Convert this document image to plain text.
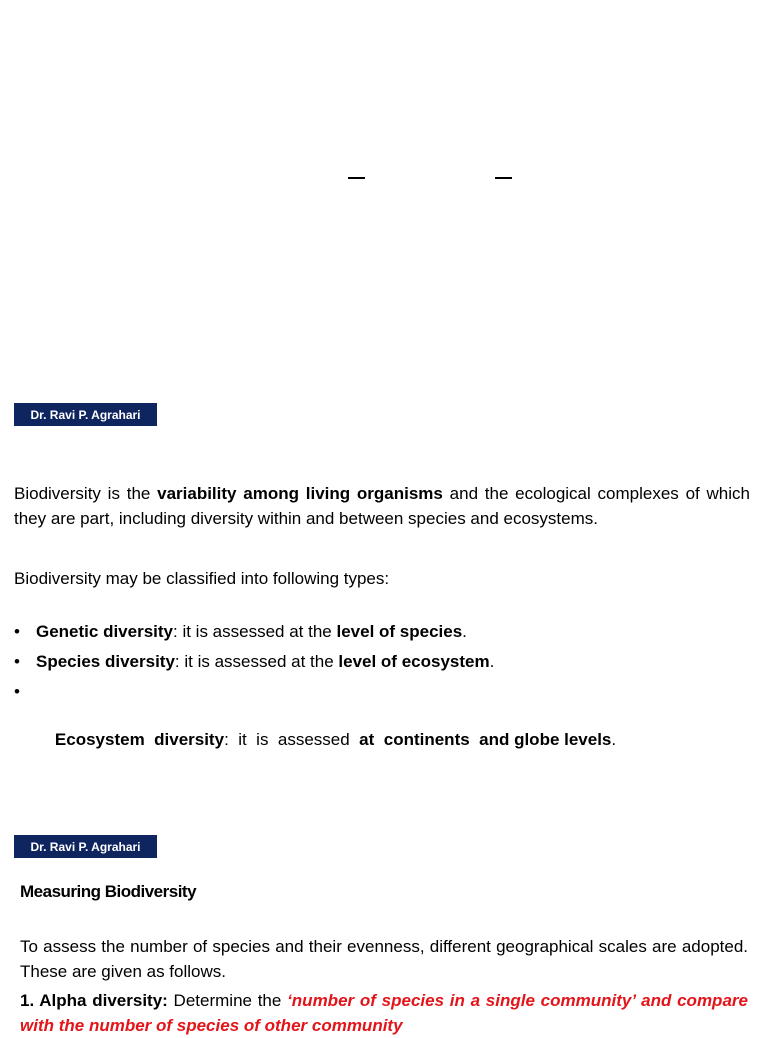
Dr. Ravi P. Agrahari
Biodiversity is the variability among living organisms and the ecological complexes of which they are part, including diversity within and between species and ecosystems.
Biodiversity may be classified into following types:
• Genetic diversity: it is assessed at the level of species.
• Species diversity: it is assessed at the level of ecosystem.

•

Ecosystem  diversity:  it  is  assessed  at  continents  and globe levels.

Dr. Ravi P. Agrahari
Measuring Biodiversity
To assess the number of species and their evenness, different geographical scales are adopted. These are given as follows.
1. Alpha diversity: Determine the ‘number of species in a single community’ and compare with the number of species of other community
